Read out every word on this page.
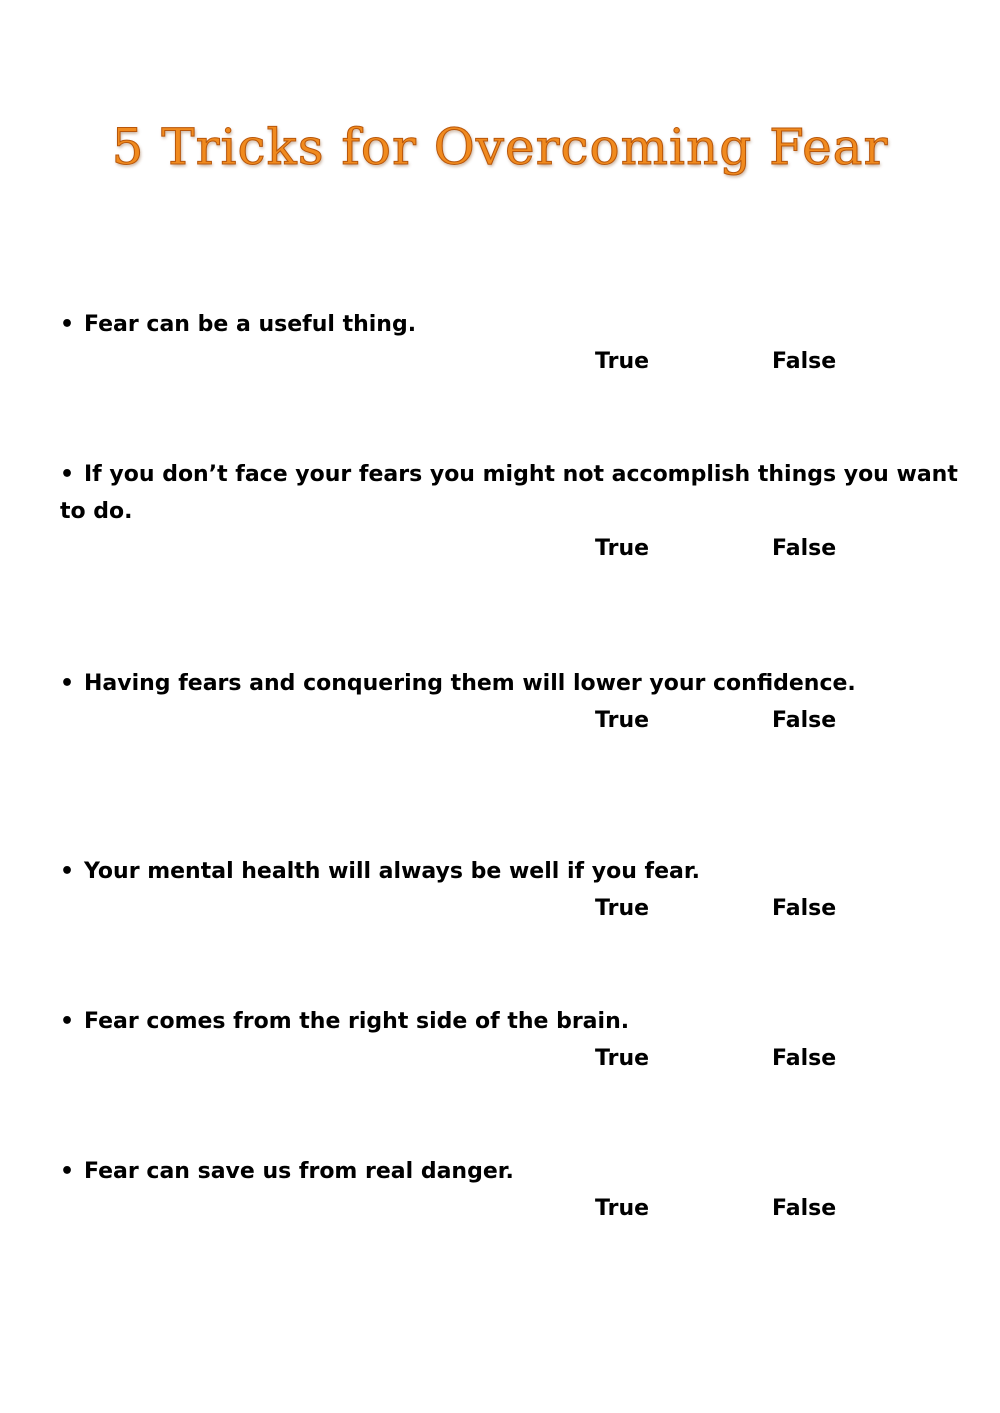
5 Tricks for Overcoming Fear

• Fear can be a useful thing.

True	False

• If you don’t face your fears you might not accomplish things you want to do.

True	False

• Having fears and conquering them will lower your confidence.

True	False

• Your mental health will always be well if you fear.

True	False

• Fear comes from the right side of the brain.

True	False

• Fear can save us from real danger.

True	False
